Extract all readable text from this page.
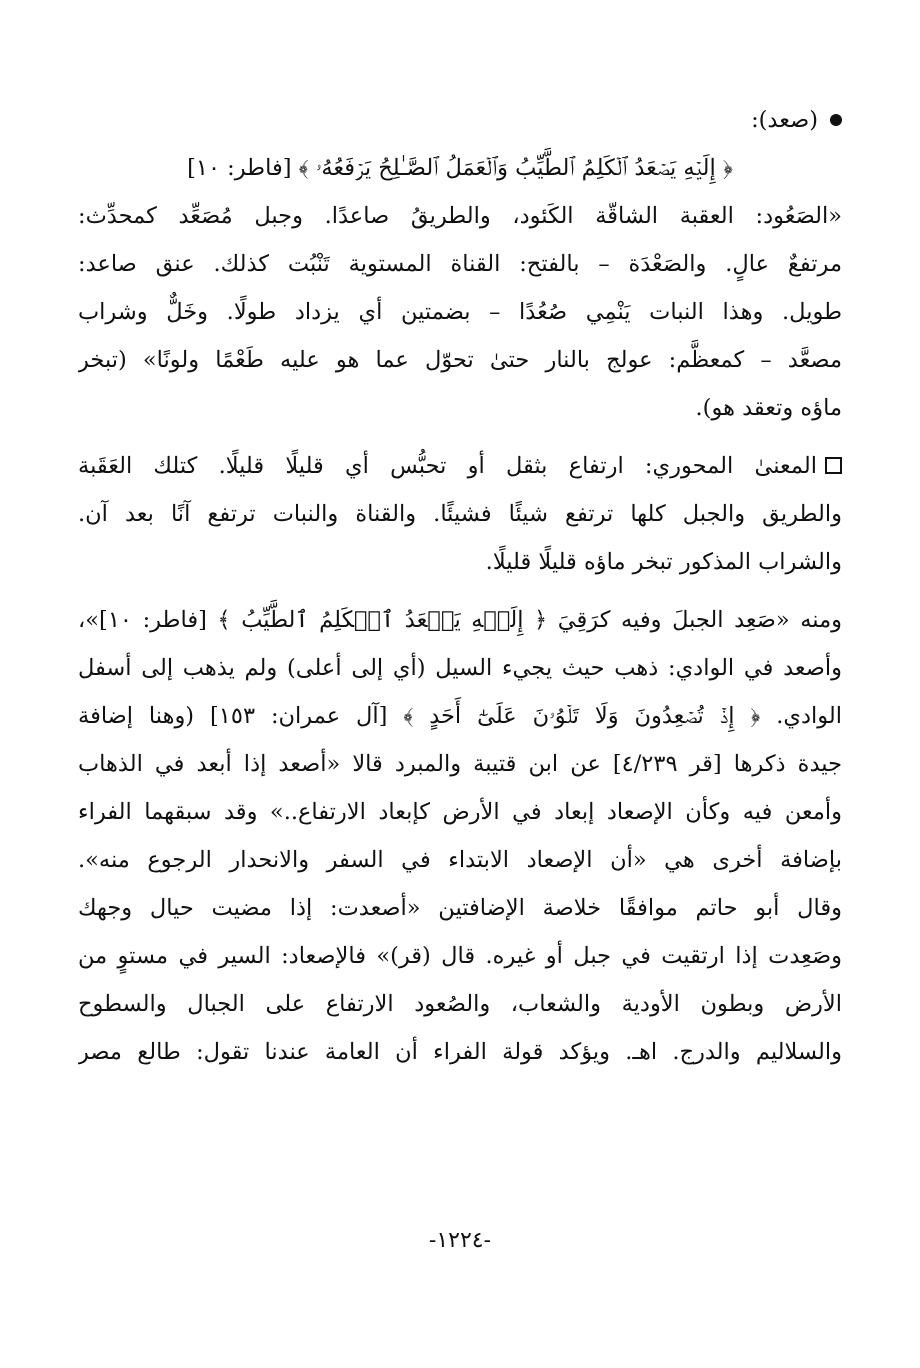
(صعد):
﴿ إِلَيۡهِ يَصۡعَدُ ٱلۡكَلِمُ ٱلطَّيِّبُ وَٱلۡعَمَلُ ٱلصَّـٰلِحُ يَرۡفَعُهُۥ ﴾ [فاطر: ١٠]
«الصَعُود: العقبة الشاقّة الكَئود، والطريقُ صاعدًا. وجبل مُصَعِّد كمحدِّث:
مرتفعٌ عالٍ. والصَعْدَة – بالفتح: القناة المستوية تَنْبُت كذلك. عنق صاعد:
طويل. وهذا النبات يَنْمِي صُعُدًا – بضمتين أي يزداد طولًا. وخَلٌّ وشراب
مصعَّد – كمعظَّم: عولج بالنار حتىٰ تحوّل عما هو عليه طَعْمًا ولونًا» (تبخر
ماؤه وتعقد هو).
المعنىٰ المحوري: ارتفاع بثقل أو تحبُّس أي قليلًا قليلًا. كتلك العَقَبة
والطريق والجبل كلها ترتفع شيئًا فشيئًا. والقناة والنبات ترتفع آنًا بعد آن.
والشراب المذكور تبخر ماؤه قليلًا قليلًا.
ومنه «صَعِد الجبلَ وفيه كرَقِيَ ﴿ إِلَيۡهِ يَصۡعَدُ ٱلۡكَلِمُ ٱلطَّيِّبُ ﴾ [فاطر: ١٠]»،
وأصعد في الوادي: ذهب حيث يجيء السيل (أي إلى أعلى) ولم يذهب إلى أسفل
الوادي. ﴿ إِذۡ تُصۡعِدُونَ وَلَا تَلۡوُۥنَ عَلَىٰٓ أَحَدٍ ﴾ [آل عمران: ١٥٣] (وهنا إضافة
جيدة ذكرها [قر ٤/٢٣٩] عن ابن قتيبة والمبرد قالا «أصعد إذا أبعد في الذهاب
وأمعن فيه وكأن الإصعاد إبعاد في الأرض كإبعاد الارتفاع..» وقد سبقهما الفراء
بإضافة أخرى هي «أن الإصعاد الابتداء في السفر والانحدار الرجوع منه».
وقال أبو حاتم موافقًا خلاصة الإضافتين «أصعدت: إذا مضيت حيال وجهك
وصَعِدت إذا ارتقيت في جبل أو غيره. قال (قر)» فالإصعاد: السير في مستوٍ من
الأرض وبطون الأودية والشعاب، والصُعود الارتفاع على الجبال والسطوح
والسلاليم والدرج. اهـ. ويؤكد قولة الفراء أن العامة عندنا تقول: طالع مصر
-١٢٢٤-
